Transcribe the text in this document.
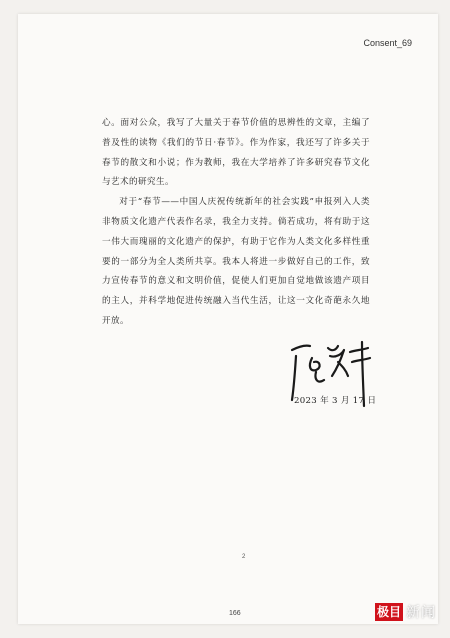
Consent_69

心。面对公众，我写了大量关于春节价值的思辨性的文章，主编了普及性的读物《我们的节日·春节》。作为作家，我还写了许多关于春节的散文和小说；作为教师，我在大学培养了许多研究春节文化与艺术的研究生。

对于“春节——中国人庆祝传统新年的社会实践”申报列入人类非物质文化遗产代表作名录，我全力支持。倘若成功，将有助于这一伟大而瑰丽的文化遗产的保护，有助于它作为人类文化多样性重要的一部分为全人类所共享。我本人将进一步做好自己的工作，致力宣传春节的意义和文明价值，促使人们更加自觉地做该遗产项目的主人，并科学地促进传统融入当代生活，让这一文化奇葩永久地开放。

2023 年 3 月 17 日
2
166	极目 新闻
